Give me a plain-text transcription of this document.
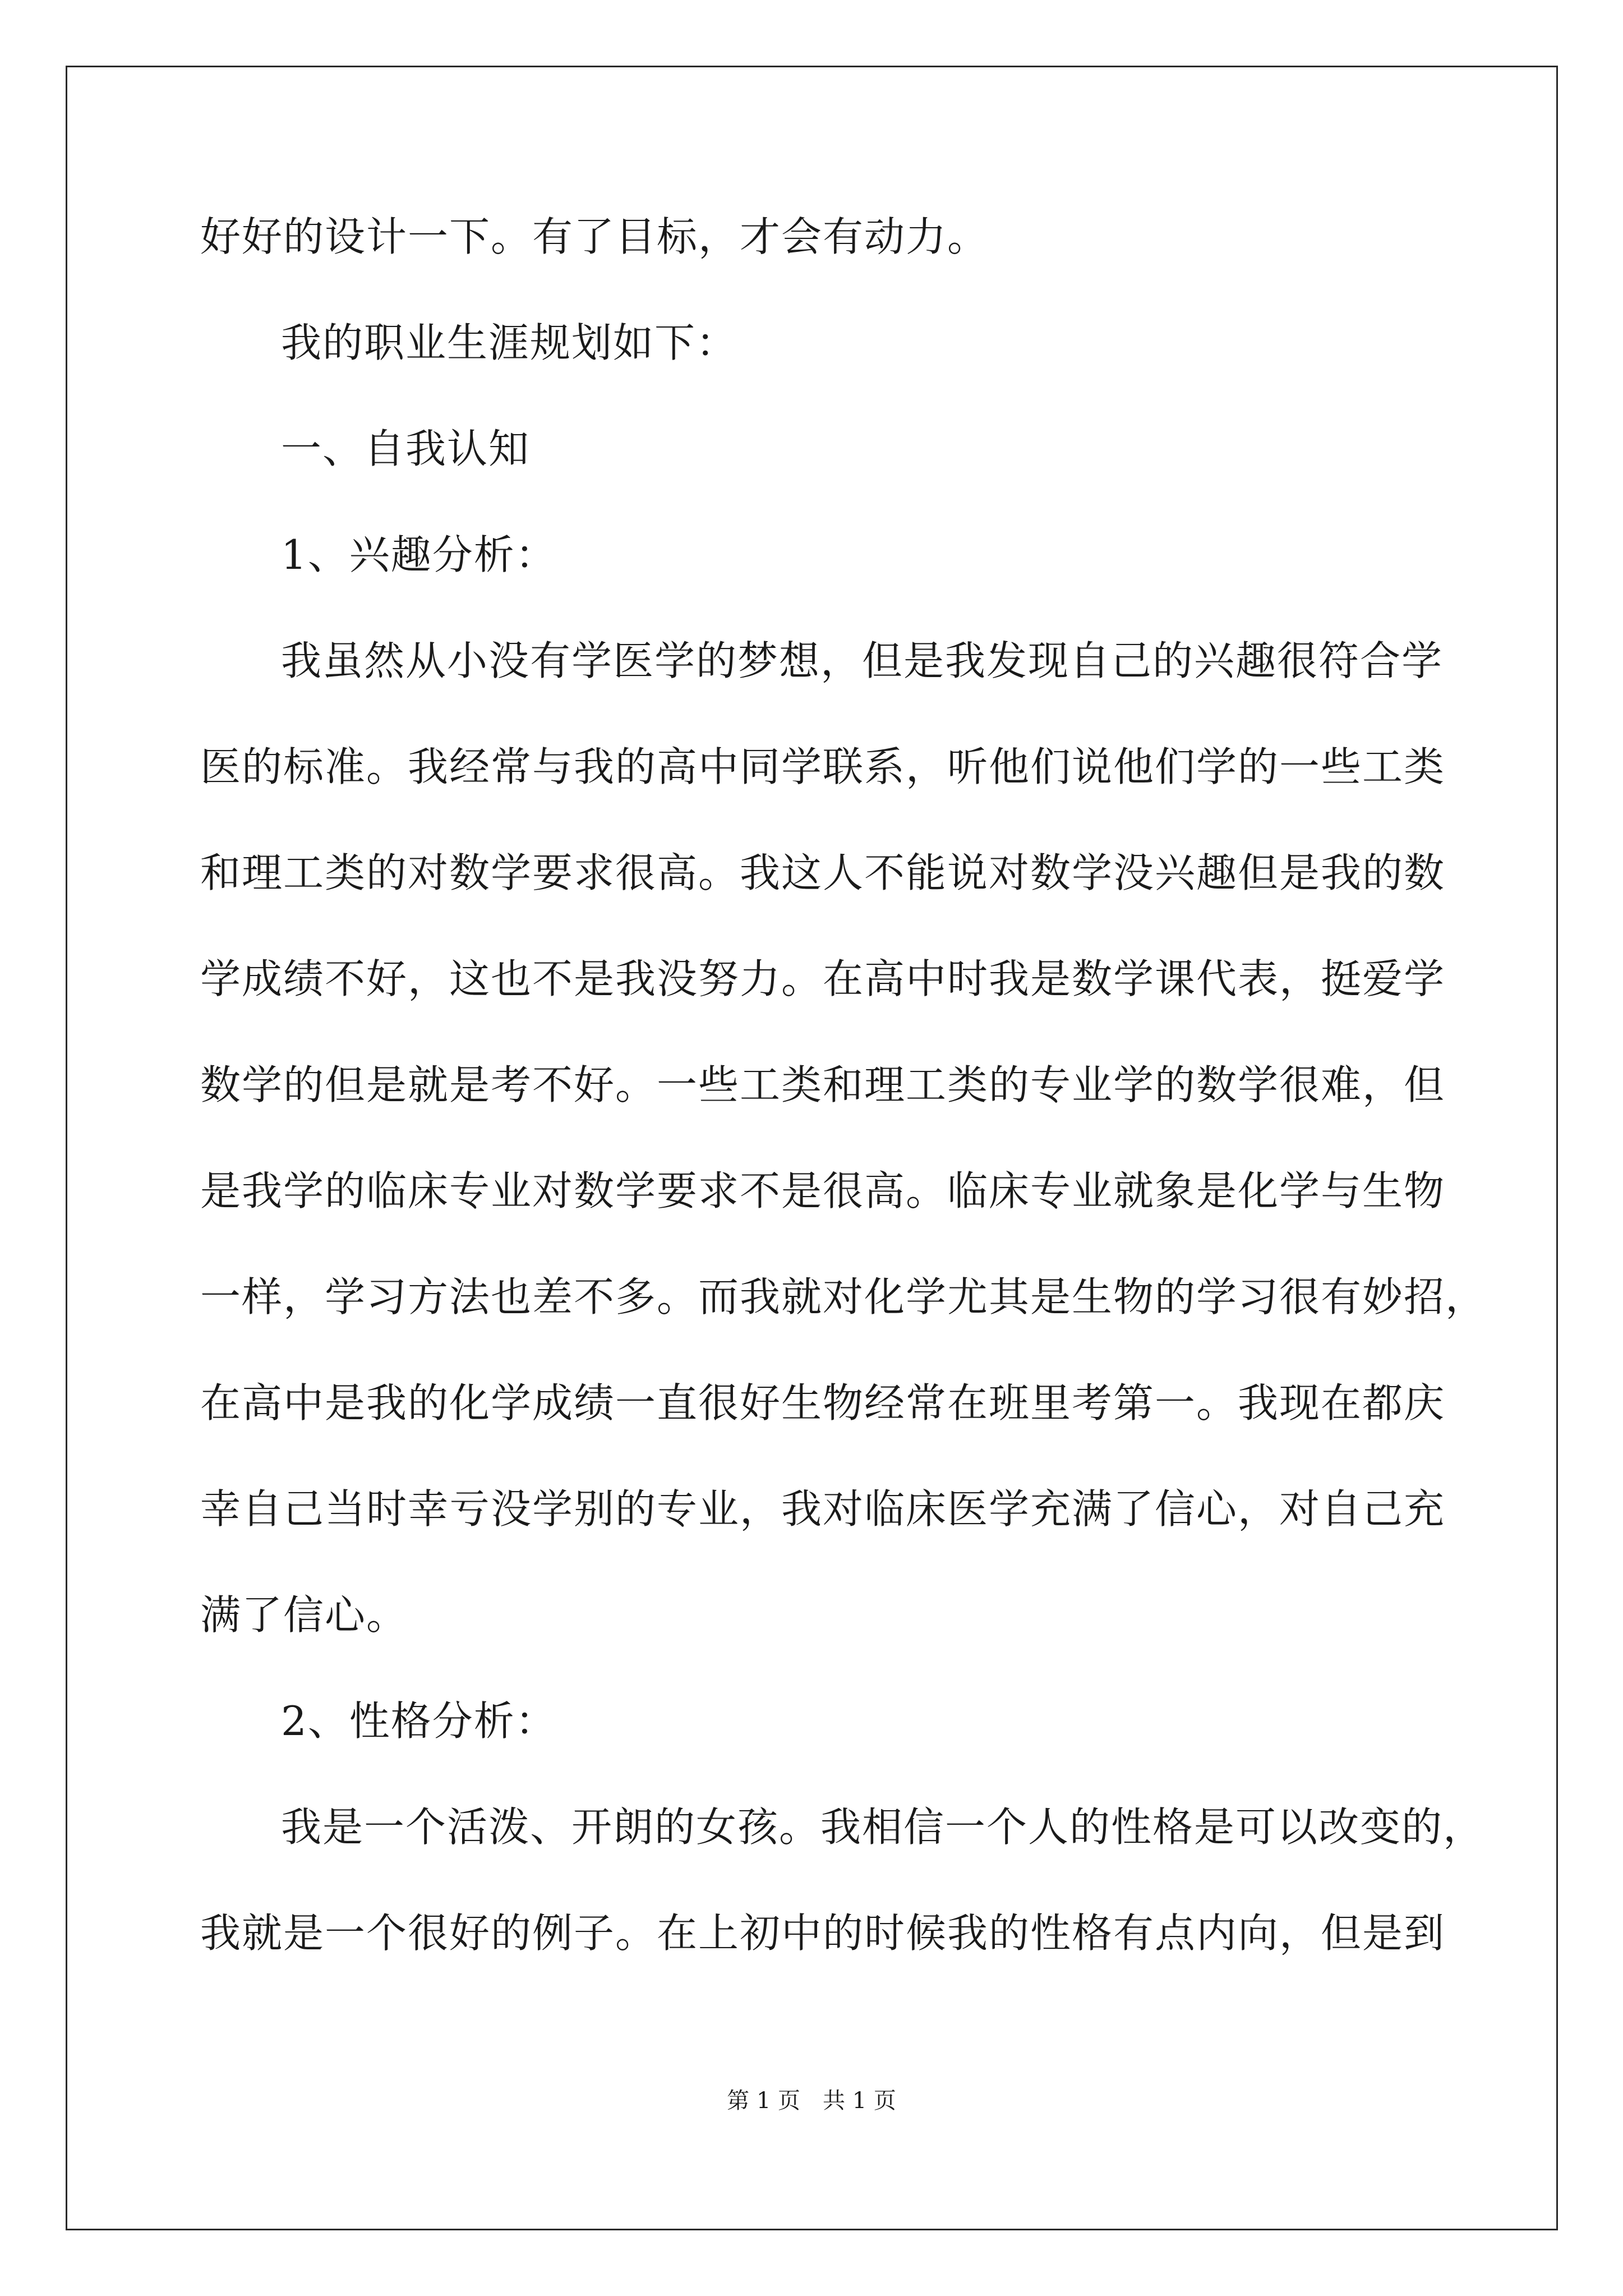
好好的设计一下。有了目标，才会有动力。
我的职业生涯规划如下：
一、自我认知
1、兴趣分析：
我虽然从小没有学医学的梦想，但是我发现自己的兴趣很符合学
医的标准。我经常与我的高中同学联系，听他们说他们学的一些工类
和理工类的对数学要求很高。我这人不能说对数学没兴趣但是我的数
学成绩不好，这也不是我没努力。在高中时我是数学课代表，挺爱学
数学的但是就是考不好。一些工类和理工类的专业学的数学很难，但
是我学的临床专业对数学要求不是很高。临床专业就象是化学与生物
一样，学习方法也差不多。而我就对化学尤其是生物的学习很有妙招，
在高中是我的化学成绩一直很好生物经常在班里考第一。我现在都庆
幸自己当时幸亏没学别的专业，我对临床医学充满了信心，对自己充
满了信心。
2、性格分析：
我是一个活泼、开朗的女孩。我相信一个人的性格是可以改变的，
我就是一个很好的例子。在上初中的时候我的性格有点内向，但是到
第 1 页　共 1 页
